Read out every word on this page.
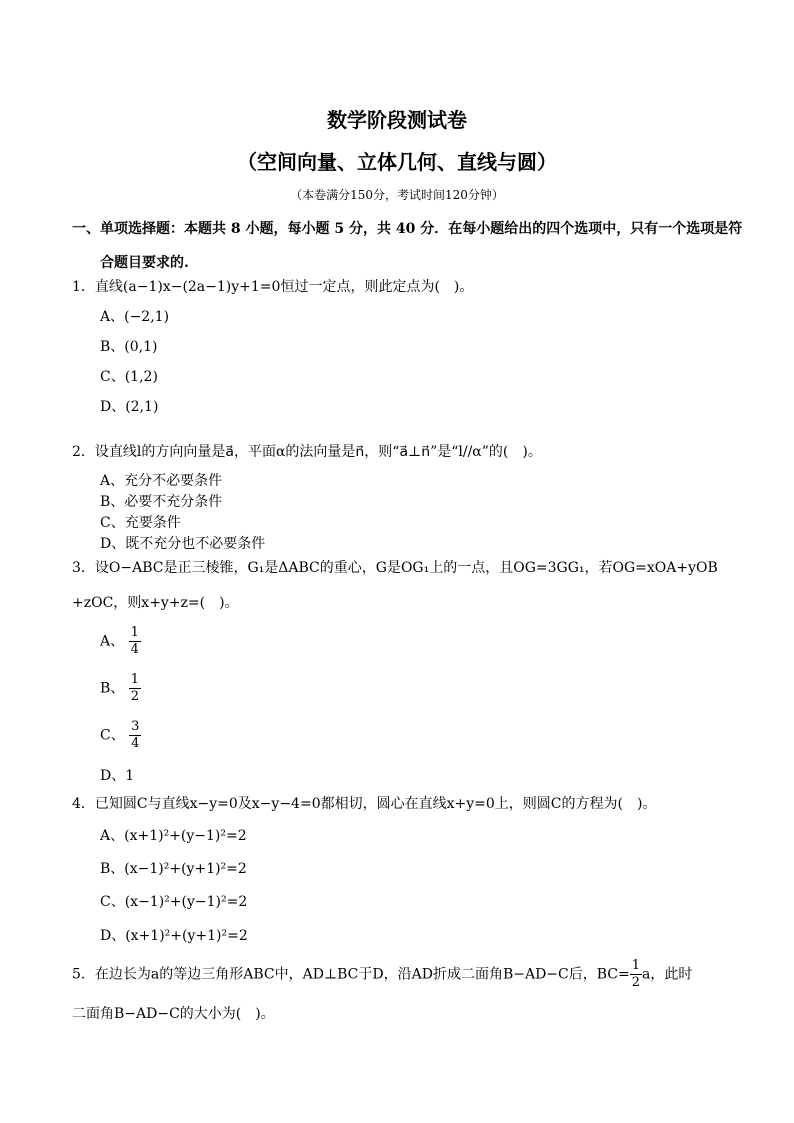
数学阶段测试卷
（空间向量、立体几何、直线与圆）
（本卷满分150分，考试时间120分钟）
一、单项选择题：本题共 8 小题，每小题 5 分，共 40 分．在每小题给出的四个选项中，只有一个选项是符
合题目要求的.
1．直线(a−1)x−(2a−1)y+1=0恒过一定点，则此定点为(　)。
A、(−2,1)
B、(0,1)
C、(1,2)
D、(2,1)
2．设直线l的方向向量是a⃗，平面α的法向量是n⃗，则“a⃗⊥n⃗”是“l//α”的(　)。
A、充分不必要条件
B、必要不充分条件
C、充要条件
D、既不充分也不必要条件
3．设O−ABC是正三棱锥，G₁是ΔABC的重心，G是OG₁上的一点，且OG=3GG₁，若OG=xOA+yOB
+zOC，则x+y+z=(　)。
A、 $\frac{1}{4}$
B、 $\frac{1}{2}$
C、 $\frac{3}{4}$
D、1
4．已知圆C与直线x−y=0及x−y−4=0都相切，圆心在直线x+y=0上，则圆C的方程为(　)。
A、(x+1)²+(y−1)²=2
B、(x−1)²+(y+1)²=2
C、(x−1)²+(y−1)²=2
D、(x+1)²+(y+1)²=2
5．在边长为a的等边三角形ABC中，AD⊥BC于D，沿AD折成二面角B−AD−C后，$BC= \frac{1}{2}$ a，此时
二面角B−AD−C的大小为(　)。
